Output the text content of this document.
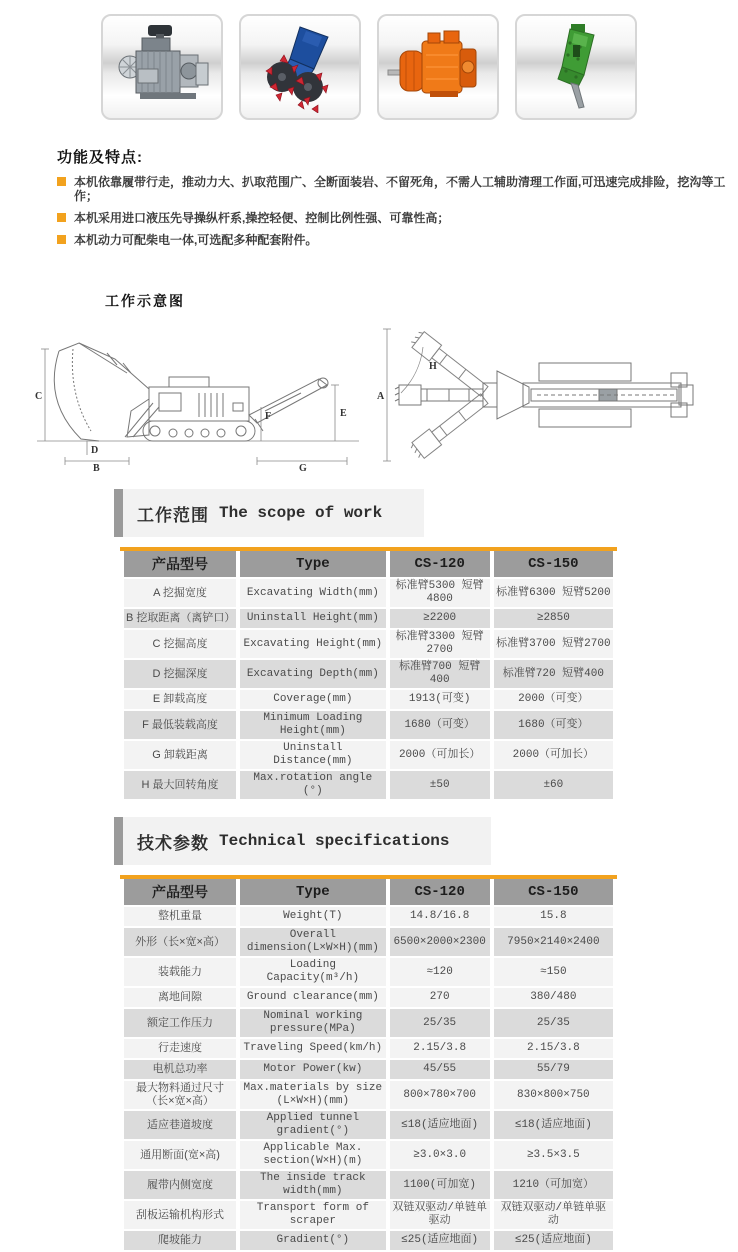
功能及特点:
本机依靠履带行走，推动力大、扒取范围广、全断面装岩、不留死角，不需人工辅助清理工作面,可迅速完成排险，挖沟等工作；
本机采用进口液压先导操纵杆系,操控轻便、控制比例性强、可靠性高；
本机动力可配柴电一体,可选配多种配套附件。
工作示意图
C
D
B
E
F
G
A
H
工作范围 The scope of work
产品型号	Type	CS-120	CS-150
A 挖掘宽度	Excavating Width(mm)	标准臂5300 短臂4800	标准臂6300 短臂5200
B 挖取距离（离铲口）	Uninstall Height(mm)	≥2200	≥2850
C 挖掘高度	Excavating Height(mm)	标准臂3300 短臂2700	标准臂3700 短臂2700
D 挖掘深度	Excavating Depth(mm)	标准臂700 短臂400	标准臂720 短臂400
E 卸载高度	Coverage(mm)	1913(可变)	2000（可变）
F 最低装载高度	Minimum Loading Height(mm)	1680（可变）	1680（可变）
G 卸载距离	Uninstall Distance(mm)	2000（可加长）	2000（可加长）
H 最大回转角度	Max.rotation angle (°)	±50	±60
技术参数 Technical specifications
产品型号	Type	CS-120	CS-150
整机重量	Weight(T)	14.8/16.8	15.8
外形（长×宽×高）	Overall dimension(L×W×H)(mm)	6500×2000×2300	7950×2140×2400
装载能力	Loading Capacity(m³/h)	≈120	≈150
离地间隙	Ground clearance(mm)	270	380/480
额定工作压力	Nominal working pressure(MPa)	25/35	25/35
行走速度	Traveling Speed(km/h)	2.15/3.8	2.15/3.8
电机总功率	Motor Power(kw)	45/55	55/79
最大物料通过尺寸（长×宽×高）	Max.materials by size (L×W×H)(mm)	800×780×700	830×800×750
适应巷道坡度	Applied tunnel gradient(°)	≤18(适应地面)	≤18(适应地面)
通用断面(宽×高)	Applicable Max. section(W×H)(m)	≥3.0×3.0	≥3.5×3.5
履带内侧宽度	The inside track width(mm)	1100(可加宽)	1210（可加宽）
刮板运输机构形式	Transport form of scraper	双链双驱动/单链单驱动	双链双驱动/单链单驱动
爬坡能力	Gradient(°)	≤25(适应地面)	≤25(适应地面)
